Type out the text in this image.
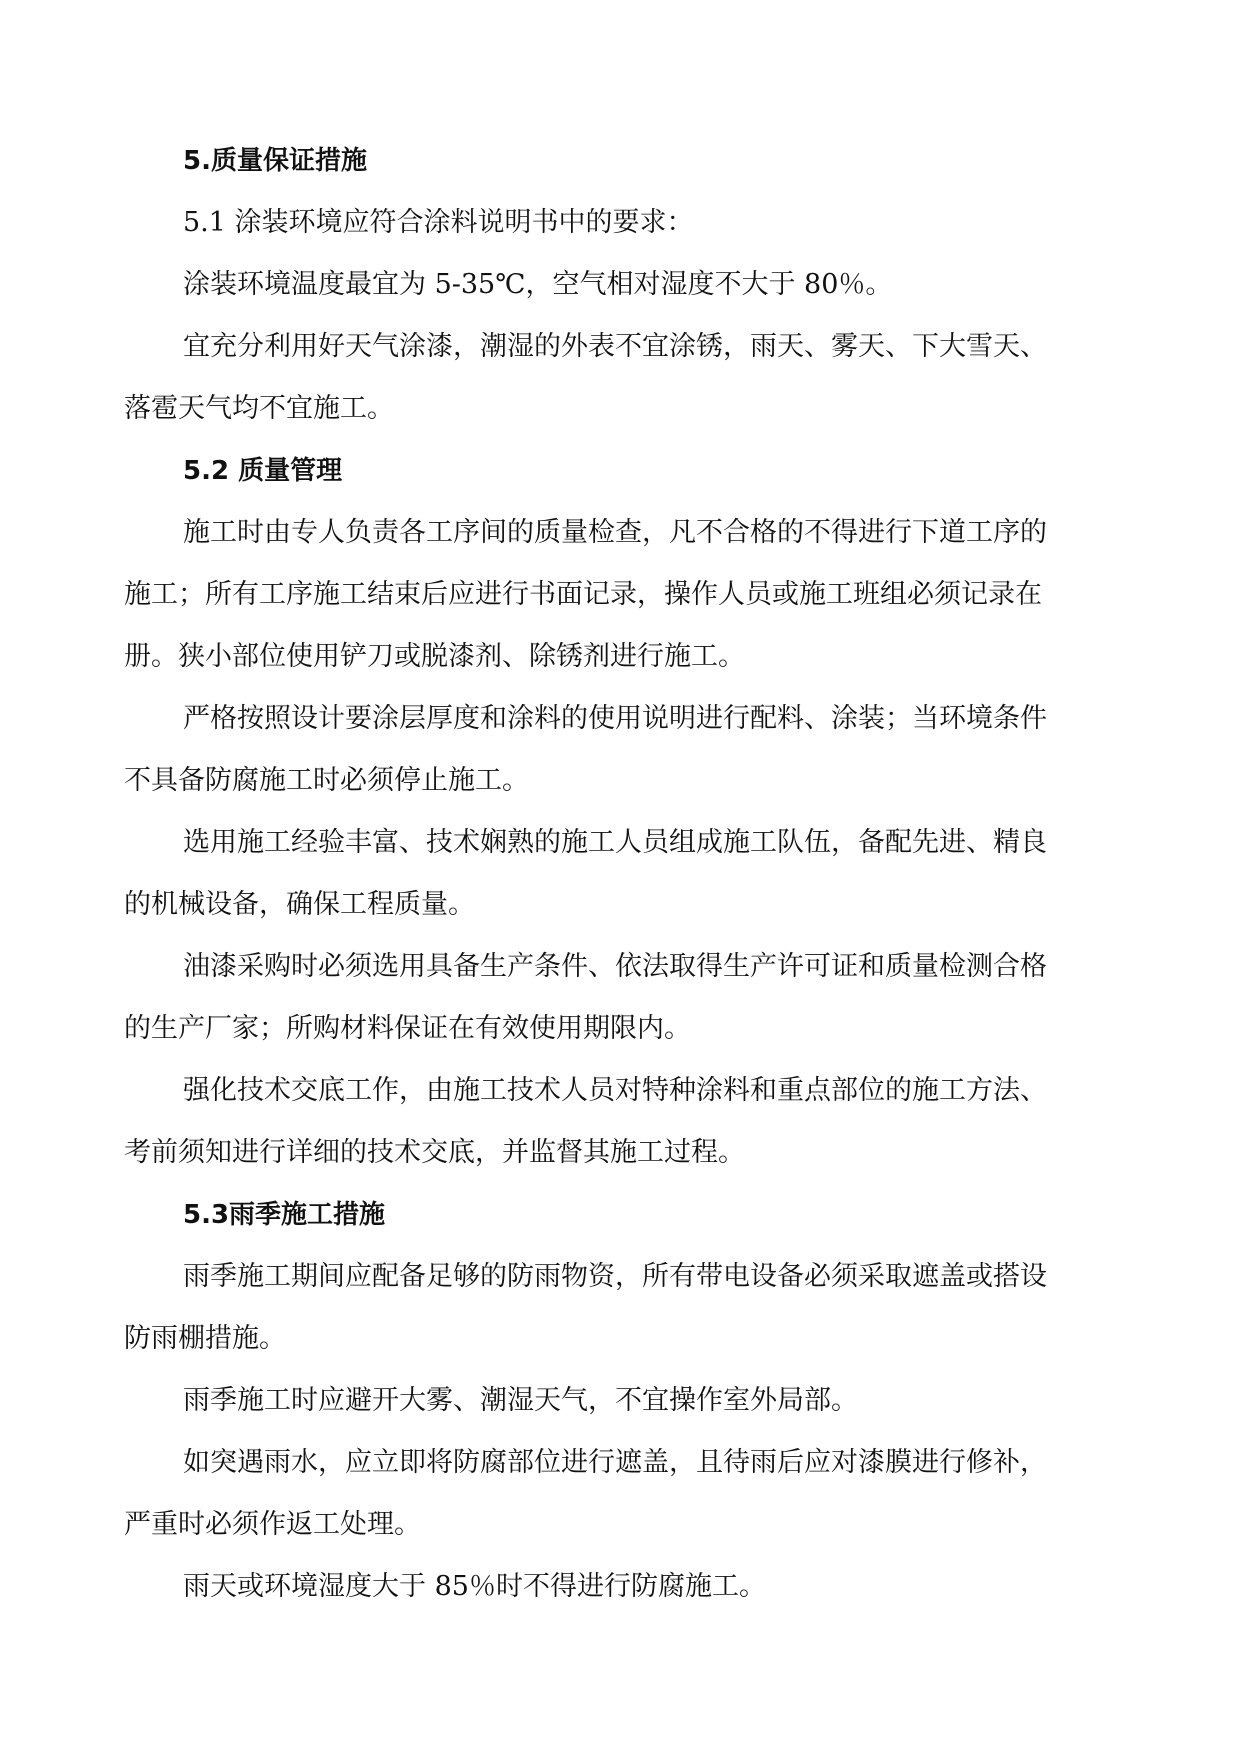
5.质量保证措施
5.1 涂装环境应符合涂料说明书中的要求：
涂装环境温度最宜为 5-35℃，空气相对湿度不大于 80％。
宜充分利用好天气涂漆，潮湿的外表不宜涂锈，雨天、雾天、下大雪天、
落雹天气均不宜施工。
5.2 质量管理
施工时由专人负责各工序间的质量检查，凡不合格的不得进行下道工序的
施工；所有工序施工结束后应进行书面记录，操作人员或施工班组必须记录在
册。狭小部位使用铲刀或脱漆剂、除锈剂进行施工。
严格按照设计要涂层厚度和涂料的使用说明进行配料、涂装；当环境条件
不具备防腐施工时必须停止施工。
选用施工经验丰富、技术娴熟的施工人员组成施工队伍，备配先进、精良
的机械设备，确保工程质量。
油漆采购时必须选用具备生产条件、依法取得生产许可证和质量检测合格
的生产厂家；所购材料保证在有效使用期限内。
强化技术交底工作，由施工技术人员对特种涂料和重点部位的施工方法、
考前须知进行详细的技术交底，并监督其施工过程。
5.3雨季施工措施
雨季施工期间应配备足够的防雨物资，所有带电设备必须采取遮盖或搭设
防雨棚措施。
雨季施工时应避开大雾、潮湿天气，不宜操作室外局部。
如突遇雨水，应立即将防腐部位进行遮盖，且待雨后应对漆膜进行修补，
严重时必须作返工处理。
雨天或环境湿度大于 85％时不得进行防腐施工。
